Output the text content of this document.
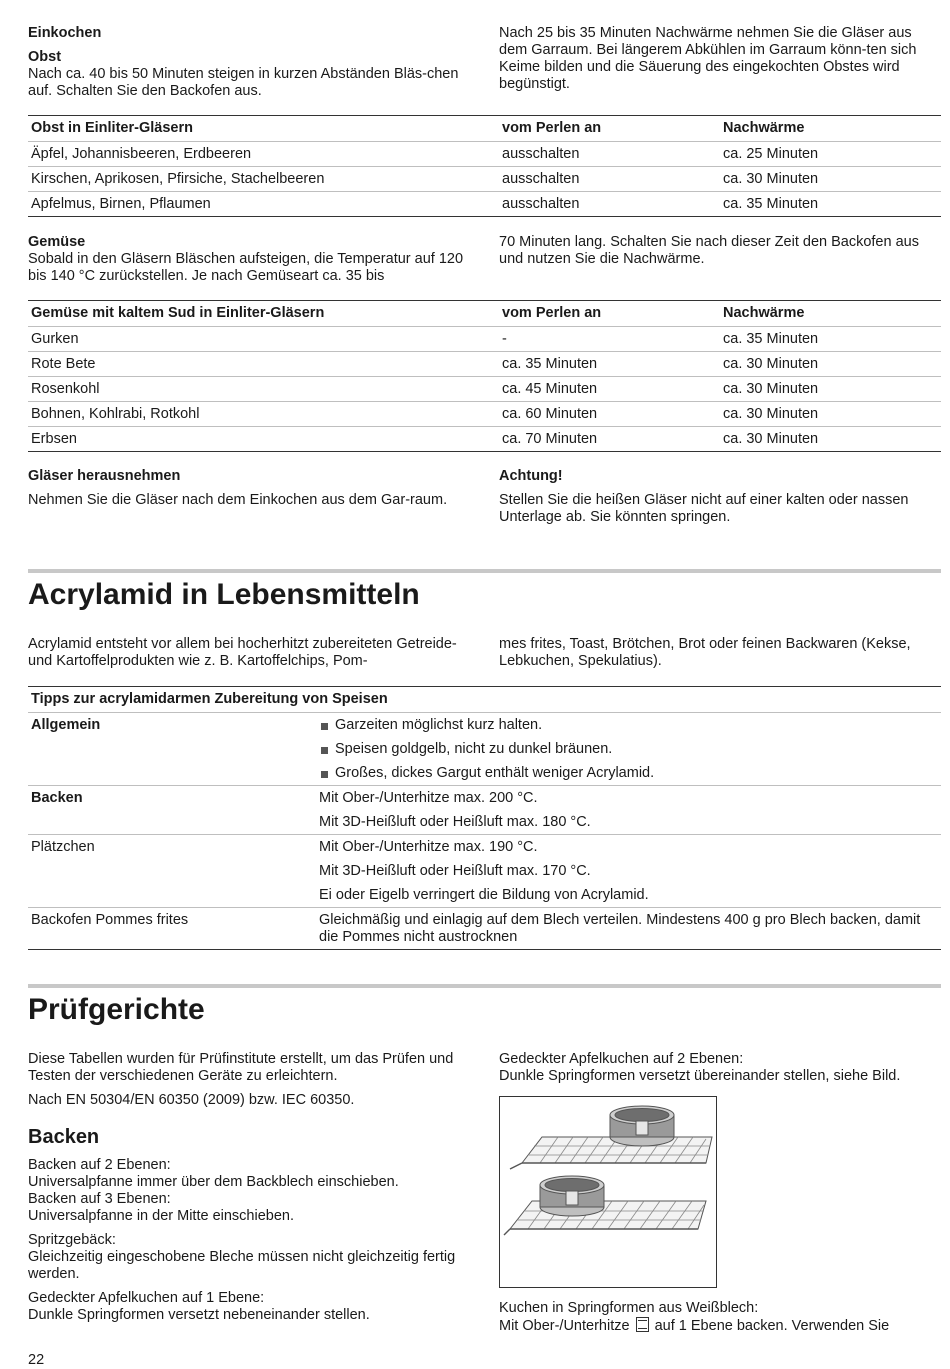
Einkochen

Obst

Nach ca. 40 bis 50 Minuten steigen in kurzen Abständen Bläs-chen auf. Schalten Sie den Backofen aus.

Nach 25 bis 35 Minuten Nachwärme nehmen Sie die Gläser aus dem Garraum. Bei längerem Abkühlen im Garraum könn-ten sich Keime bilden und die Säuerung des eingekochten Obstes wird begünstigt.

Obst in Einliter-Gläsern	vom Perlen an	Nachwärme
Äpfel, Johannisbeeren, Erdbeeren	ausschalten	ca. 25 Minuten
Kirschen, Aprikosen, Pfirsiche, Stachelbeeren	ausschalten	ca. 30 Minuten
Apfelmus, Birnen, Pflaumen	ausschalten	ca. 35 Minuten

Gemüse

Sobald in den Gläsern Bläschen aufsteigen, die Temperatur auf 120 bis 140 °C zurückstellen. Je nach Gemüseart ca. 35 bis

70 Minuten lang. Schalten Sie nach dieser Zeit den Backofen aus und nutzen Sie die Nachwärme.

Gemüse mit kaltem Sud in Einliter-Gläsern	vom Perlen an	Nachwärme
Gurken	-	ca. 35 Minuten
Rote Bete	ca. 35 Minuten	ca. 30 Minuten
Rosenkohl	ca. 45 Minuten	ca. 30 Minuten
Bohnen, Kohlrabi, Rotkohl	ca. 60 Minuten	ca. 30 Minuten
Erbsen	ca. 70 Minuten	ca. 30 Minuten

Gläser herausnehmen

Nehmen Sie die Gläser nach dem Einkochen aus dem Gar-raum.

Achtung!

Stellen Sie die heißen Gläser nicht auf einer kalten oder nassen Unterlage ab. Sie könnten springen.

Acrylamid in Lebensmitteln

Acrylamid entsteht vor allem bei hocherhitzt zubereiteten Getreide- und Kartoffelprodukten wie z. B. Kartoffelchips, Pom-

mes frites, Toast, Brötchen, Brot oder feinen Backwaren (Kekse, Lebkuchen, Spekulatius).

Tipps zur acrylamidarmen Zubereitung von Speisen	
Allgemein	Garzeiten möglichst kurz halten.
Speisen goldgelb, nicht zu dunkel bräunen.
Großes, dickes Gargut enthält weniger Acrylamid.

Backen	Mit Ober-/Unterhitze max. 200 °C.
Mit 3D-Heißluft oder Heißluft max. 180 °C.

Plätzchen	Mit Ober-/Unterhitze max. 190 °C.
Mit 3D-Heißluft oder Heißluft max. 170 °C.
Ei oder Eigelb verringert die Bildung von Acrylamid.

Backofen Pommes frites	Gleichmäßig und einlagig auf dem Blech verteilen. Mindestens 400 g pro Blech backen, damit die Pommes nicht austrocknen
Prüfgerichte

Diese Tabellen wurden für Prüfinstitute erstellt, um das Prüfen und Testen der verschiedenen Geräte zu erleichtern.

Nach EN 50304/EN 60350 (2009) bzw. IEC 60350.

Backen

Backen auf 2 Ebenen:

Universalpfanne immer über dem Backblech einschieben.

Backen auf 3 Ebenen:

Universalpfanne in der Mitte einschieben.

Spritzgebäck:

Gleichzeitig eingeschobene Bleche müssen nicht gleichzeitig fertig werden.

Gedeckter Apfelkuchen auf 1 Ebene:

Dunkle Springformen versetzt nebeneinander stellen.

Gedeckter Apfelkuchen auf 2 Ebenen:

Dunkle Springformen versetzt übereinander stellen, siehe Bild.

Kuchen in Springformen aus Weißblech:

Mit Ober-/Unterhitze auf 1 Ebene backen. Verwenden Sie

22
